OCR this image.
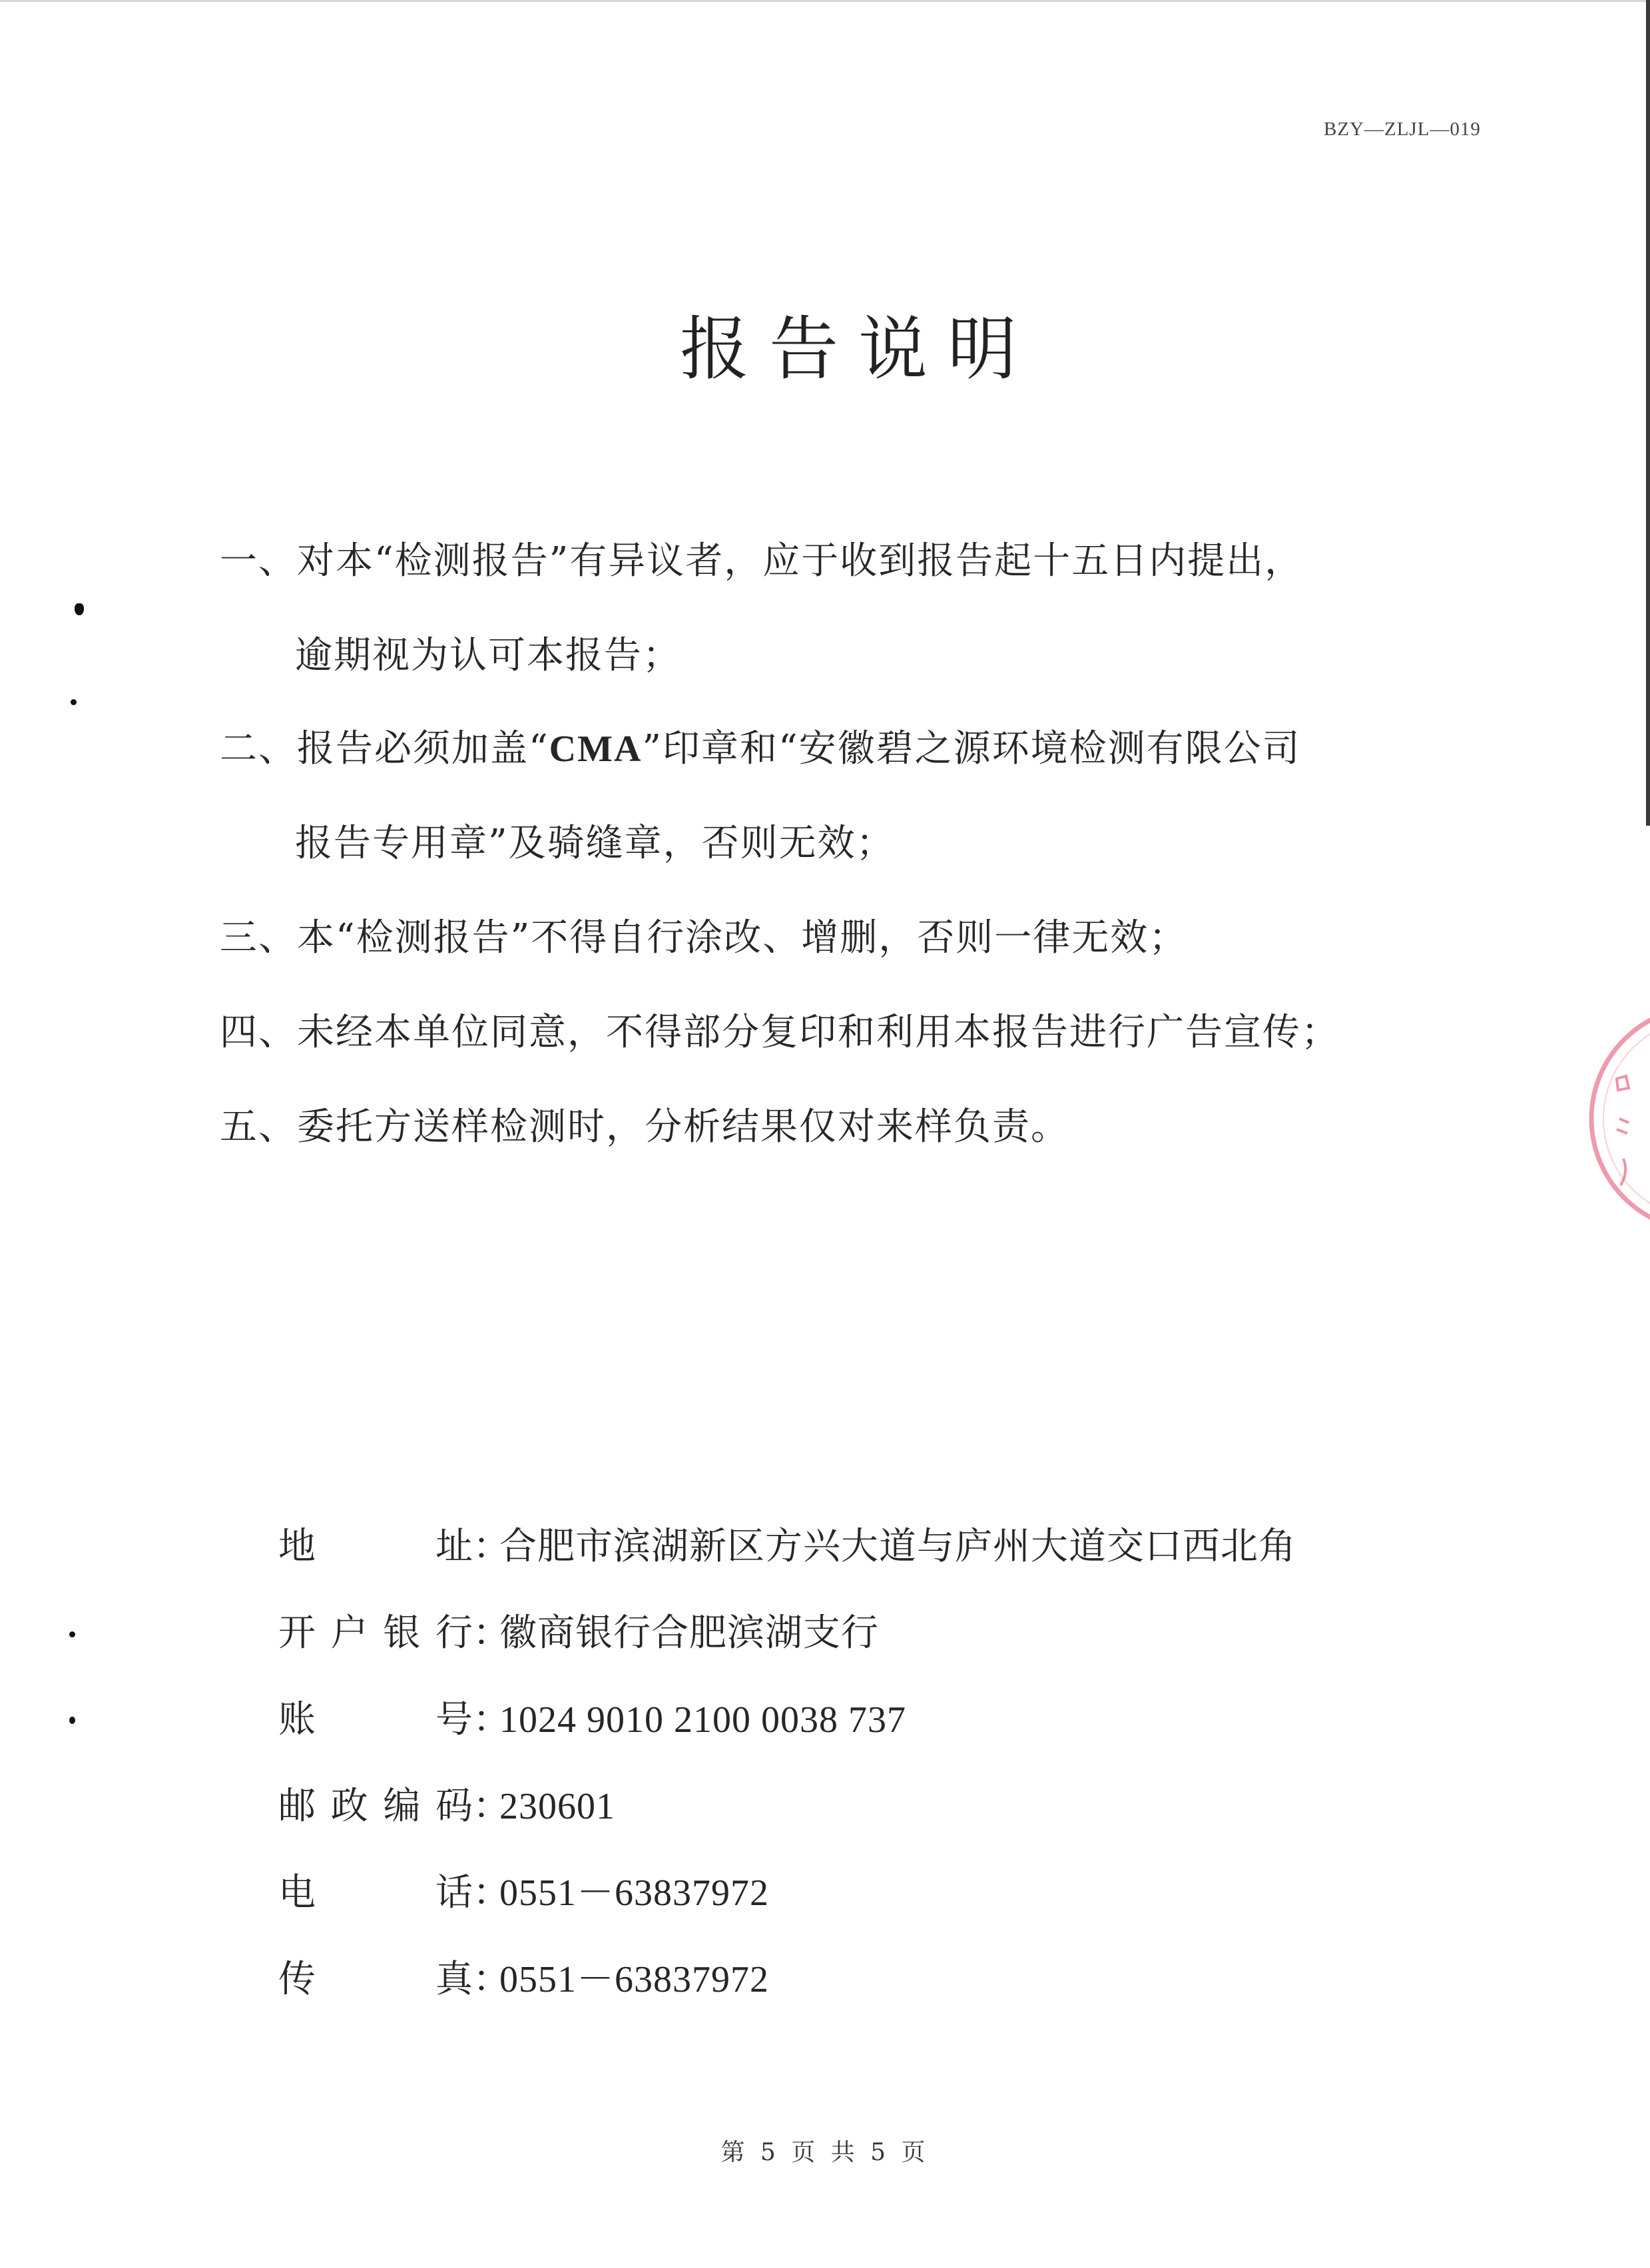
BZY—ZLJL—019
报告说明
一、对本“检测报告”有异议者，应于收到报告起十五日内提出，
逾期视为认可本报告；
二、报告必须加盖“CMA”印章和“安徽碧之源环境检测有限公司
报告专用章”及骑缝章，否则无效；
三、本“检测报告”不得自行涂改、增删，否则一律无效；
四、未经本单位同意，不得部分复印和利用本报告进行广告宣传；
五、委托方送样检测时，分析结果仅对来样负责。
地址：合肥市滨湖新区方兴大道与庐州大道交口西北角
开户银行：徽商银行合肥滨湖支行
账号：1024 9010 2100 0038 737
邮政编码：230601
电话：0551－63837972
传真：0551－63837972
第 5 页 共 5 页
